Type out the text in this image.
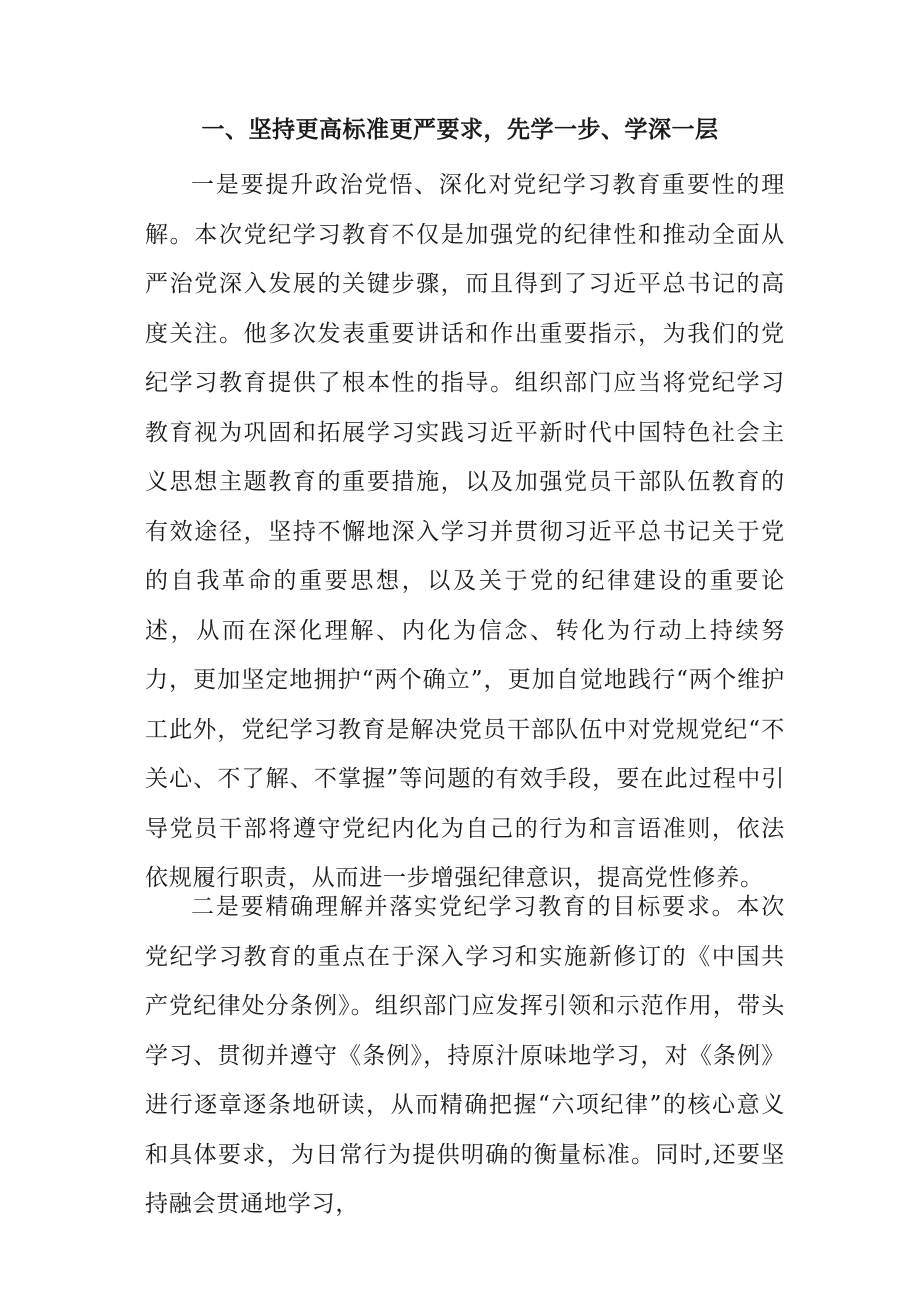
一、坚持更高标准更严要求，先学一步、学深一层

一是要提升政治党悟、深化对党纪学习教育重要性的理解。本次党纪学习教育不仅是加强党的纪律性和推动全面从严治党深入发展的关键步骤，而且得到了习近平总书记的高度关注。他多次发表重要讲话和作出重要指示，为我们的党纪学习教育提供了根本性的指导。组织部门应当将党纪学习教育视为巩固和拓展学习实践习近平新时代中国特色社会主义思想主题教育的重要措施，以及加强党员干部队伍教育的有效途径，坚持不懈地深入学习并贯彻习近平总书记关于党的自我革命的重要思想，以及关于党的纪律建设的重要论述，从而在深化理解、内化为信念、转化为行动上持续努力，更加坚定地拥护“两个确立”，更加自觉地践行“两个维护工此外，党纪学习教育是解决党员干部队伍中对党规党纪“不关心、不了解、不掌握”等问题的有效手段，要在此过程中引导党员干部将遵守党纪内化为自己的行为和言语准则，依法依规履行职责，从而进一步增强纪律意识，提高党性修养。

二是要精确理解并落实党纪学习教育的目标要求。本次党纪学习教育的重点在于深入学习和实施新修订的《中国共产党纪律处分条例》。组织部门应发挥引领和示范作用，带头学习、贯彻并遵守《条例》，持原汁原味地学习，对《条例》进行逐章逐条地研读，从而精确把握“六项纪律”的核心意义和具体要求，为日常行为提供明确的衡量标准。同时,还要坚持融会贯通地学习，
